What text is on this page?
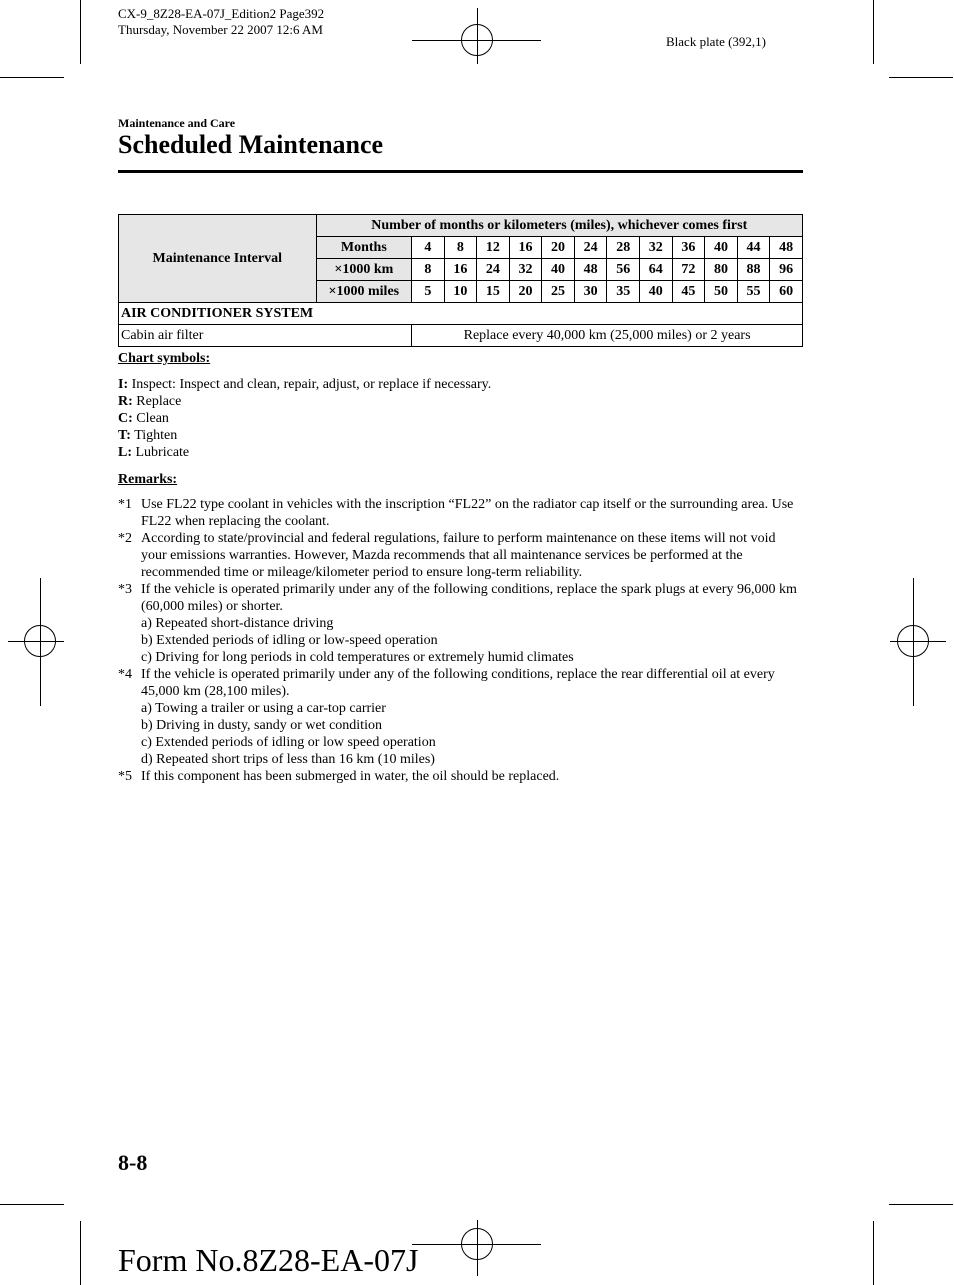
CX-9_8Z28-EA-07J_Edition2 Page392
Thursday, November 22 2007 12:6 AM
Black plate (392,1)
Maintenance and Care
Scheduled Maintenance
Maintenance Interval	Number of months or kilometers (miles), whichever comes first												
	Months	4	8	12	16	20	24	28	32	36	40	44	48
	×1000 km	8	16	24	32	40	48	56	64	72	80	88	96
	×1000 miles	5	10	15	20	25	30	35	40	45	50	55	60
AIR CONDITIONER SYSTEM													
Cabin air filter		Replace every 40,000 km (25,000 miles) or 2 years											
Chart symbols:
I: Inspect: Inspect and clean, repair, adjust, or replace if necessary.
R: Replace
C: Clean
T: Tighten
L: Lubricate
Remarks:
*1 Use FL22 type coolant in vehicles with the inscription “FL22” on the radiator cap itself or the surrounding area. Use FL22 when replacing the coolant.
*2 According to state/provincial and federal regulations, failure to perform maintenance on these items will not void your emissions warranties. However, Mazda recommends that all maintenance services be performed at the recommended time or mileage/kilometer period to ensure long-term reliability.
*3 If the vehicle is operated primarily under any of the following conditions, replace the spark plugs at every 96,000 km (60,000 miles) or shorter.
a) Repeated short-distance driving
b) Extended periods of idling or low-speed operation
c) Driving for long periods in cold temperatures or extremely humid climates
*4 If the vehicle is operated primarily under any of the following conditions, replace the rear differential oil at every 45,000 km (28,100 miles).
a) Towing a trailer or using a car-top carrier
b) Driving in dusty, sandy or wet condition
c) Extended periods of idling or low speed operation
d) Repeated short trips of less than 16 km (10 miles)
*5 If this component has been submerged in water, the oil should be replaced.
8-8
Form No.8Z28-EA-07J
